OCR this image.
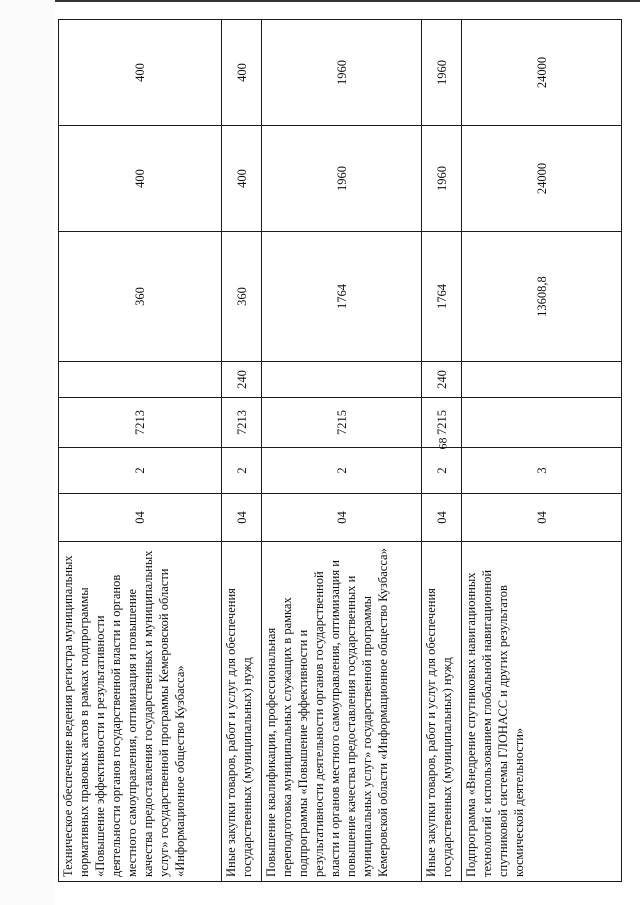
68
Техническое обеспечение ведения регистра муниципальных нормативных правовых актов в рамках подпрограммы «Повышение эффективности и результативности деятельности органов государственной власти и органов местного самоуправления, оптимизация и повышение качества предоставления государственных и муниципальных услуг» государственной программы Кемеровской области «Информационное общество Кузбасса»	04	2	7213		360	400	400
Иные закупки товаров, работ и услуг для обеспечения государственных (муниципальных) нужд	04	2	7213	240	360	400	400
Повышение квалификации, профессиональная переподготовка муниципальных служащих в рамках подпрограммы «Повышение эффективности и результативности деятельности органов государственной власти и органов местного самоуправления, оптимизация и повышение качества предоставления государственных и муниципальных услуг» государственной программы Кемеровской области «Информационное общество Кузбасса»	04	2	7215		1764	1960	1960
Иные закупки товаров, работ и услуг для обеспечения государственных (муниципальных) нужд	04	2	7215	240	1764	1960	1960
Подпрограмма «Внедрение спутниковых навигационных технологий с использованием глобальной навигационной спутниковой системы ГЛОНАСС и других результатов космической деятельности»	04	3			13608,8	24000	24000
